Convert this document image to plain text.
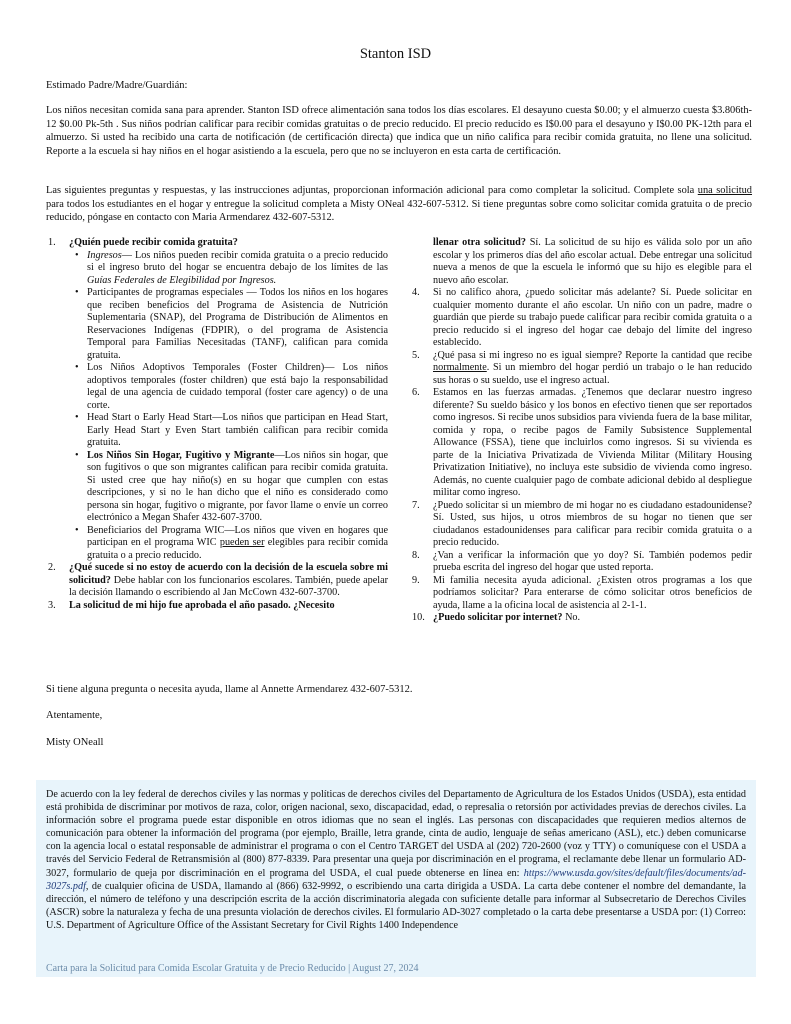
Stanton ISD
Estimado Padre/Madre/Guardián:

Los niños necesitan comida sana para aprender. Stanton ISD ofrece alimentación sana todos los días escolares. El desayuno cuesta $0.00; y el almuerzo cuesta $3.806th-12 $0.00 Pk-5th . Sus niños podrían calificar para recibir comidas gratuitas o de precio reducido. El precio reducido es I$0.00 para el desayuno y I$0.00 PK-12th para el almuerzo. Si usted ha recibido una carta de notificación (de certificación directa) que indica que un niño califica para recibir comida gratuita, no llene una solicitud. Reporte a la escuela si hay niños en el hogar asistiendo a la escuela, pero que no se incluyeron en esta carta de certificación.

Las siguientes preguntas y respuestas, y las instrucciones adjuntas, proporcionan información adicional para como completar la solicitud. Complete sola una solicitud para todos los estudiantes en el hogar y entregue la solicitud completa a Misty ONeal 432-607-5312. Si tiene preguntas sobre como solicitar comida gratuita o de precio reducido, póngase en contacto con Maria Armendarez 432-607-5312.

1. ¿Quién puede recibir comida gratuita?
• Ingresos— Los niños pueden recibir comida gratuita o a precio reducido si el ingreso bruto del hogar se encuentra debajo de los límites de las Guías Federales de Elegibilidad por Ingresos.
• Participantes de programas especiales — Todos los niños en los hogares que reciben beneficios del Programa de Asistencia de Nutrición Suplementaria (SNAP), del Programa de Distribución de Alimentos en Reservaciones Indígenas (FDPIR), o del programa de Asistencia Temporal para Familias Necesitadas (TANF), califican para comida gratuita.
• Los Niños Adoptivos Temporales (Foster Children)— Los niños adoptivos temporales (foster children) que está bajo la responsabilidad legal de una agencia de cuidado temporal (foster care agency) o de una corte.
• Head Start o Early Head Start—Los niños que participan en Head Start, Early Head Start y Even Start también califican para recibir comida gratuita.
• Los Niños Sin Hogar, Fugitivo y Migrante—Los niños sin hogar, que son fugitivos o que son migrantes califican para recibir comida gratuita. Si usted cree que hay niño(s) en su hogar que cumplen con estas descripciones, y si no le han dicho que el niño es considerado como persona sin hogar, fugitivo o migrante, por favor llame o envíe un correo electrónico a Megan Shafer 432-607-3700.
• Beneficiarios del Programa WIC—Los niños que viven en hogares que participan en el programa WIC pueden ser elegibles para recibir comida gratuita o a precio reducido.
2. ¿Qué sucede si no estoy de acuerdo con la decisión de la escuela sobre mi solicitud? Debe hablar con los funcionarios escolares. También, puede apelar la decisión llamando o escribiendo al Jan McCown 432-607-3700.
3. La solicitud de mi hijo fue aprobada el año pasado. ¿Necesito
llenar otra solicitud? Sí. La solicitud de su hijo es válida solo por un año escolar y los primeros días del año escolar actual. Debe entregar una solicitud nueva a menos de que la escuela le informó que su hijo es elegible para el nuevo año escolar.
4. Si no califico ahora, ¿puedo solicitar más adelante? Sí. Puede solicitar en cualquier momento durante el año escolar. Un niño con un padre, madre o guardián que pierde su trabajo puede calificar para recibir comida gratuita o a precio reducido si el ingreso del hogar cae debajo del límite del ingreso establecido.
5. ¿Qué pasa si mi ingreso no es igual siempre? Reporte la cantidad que recibe normalmente. Si un miembro del hogar perdió un trabajo o le han reducido sus horas o su sueldo, use el ingreso actual.
6. Estamos en las fuerzas armadas. ¿Tenemos que declarar nuestro ingreso diferente? Su sueldo básico y los bonos en efectivo tienen que ser reportados como ingresos. Si recibe unos subsidios para vivienda fuera de la base militar, comida y ropa, o recibe pagos de Family Subsistence Supplemental Allowance (FSSA), tiene que incluirlos como ingresos. Si su vivienda es parte de la Iniciativa Privatizada de Vivienda Militar (Military Housing Privatization Initiative), no incluya este subsidio de vivienda como ingreso. Además, no cuente cualquier pago de combate adicional debido al despliegue militar como ingreso.
7. ¿Puedo solicitar si un miembro de mi hogar no es ciudadano estadounidense? Sí. Usted, sus hijos, u otros miembros de su hogar no tienen que ser ciudadanos estadounidenses para calificar para recibir comida gratuita o a precio reducido.
8. ¿Van a verificar la información que yo doy? Sí. También podemos pedir prueba escrita del ingreso del hogar que usted reporta.
9. Mi familia necesita ayuda adicional. ¿Existen otros programas a los que podríamos solicitar? Para enterarse de cómo solicitar otros beneficios de ayuda, llame a la oficina local de asistencia al 2-1-1.
10. ¿Puedo solicitar por internet? No.
Si tiene alguna pregunta o necesita ayuda, llame al Annette Armendarez 432-607-5312.
Atentamente,
Misty ONeall

De acuerdo con la ley federal de derechos civiles y las normas y políticas de derechos civiles del Departamento de Agricultura de los Estados Unidos (USDA), esta entidad está prohibida de discriminar por motivos de raza, color, origen nacional, sexo, discapacidad, edad, o represalia o retorsión por actividades previas de derechos civiles. La información sobre el programa puede estar disponible en otros idiomas que no sean el inglés. Las personas con discapacidades que requieren medios alternos de comunicación para obtener la información del programa (por ejemplo, Braille, letra grande, cinta de audio, lenguaje de señas americano (ASL), etc.) deben comunicarse con la agencia local o estatal responsable de administrar el programa o con el Centro TARGET del USDA al (202) 720-2600 (voz y TTY) o comuníquese con el USDA a través del Servicio Federal de Retransmisión al (800) 877-8339. Para presentar una queja por discriminación en el programa, el reclamante debe llenar un formulario AD-3027, formulario de queja por discriminación en el programa del USDA, el cual puede obtenerse en línea en: https://www.usda.gov/sites/default/files/documents/ad-3027s.pdf, de cualquier oficina de USDA, llamando al (866) 632-9992, o escribiendo una carta dirigida a USDA. La carta debe contener el nombre del demandante, la dirección, el número de teléfono y una descripción escrita de la acción discriminatoria alegada con suficiente detalle para informar al Subsecretario de Derechos Civiles (ASCR) sobre la naturaleza y fecha de una presunta violación de derechos civiles. El formulario AD-3027 completado o la carta debe presentarse a USDA por: (1) Correo: U.S. Department of Agriculture Office of the Assistant Secretary for Civil Rights 1400 Independence

Carta para la Solicitud para Comida Escolar Gratuita y de Precio Reducido | August 27, 2024
